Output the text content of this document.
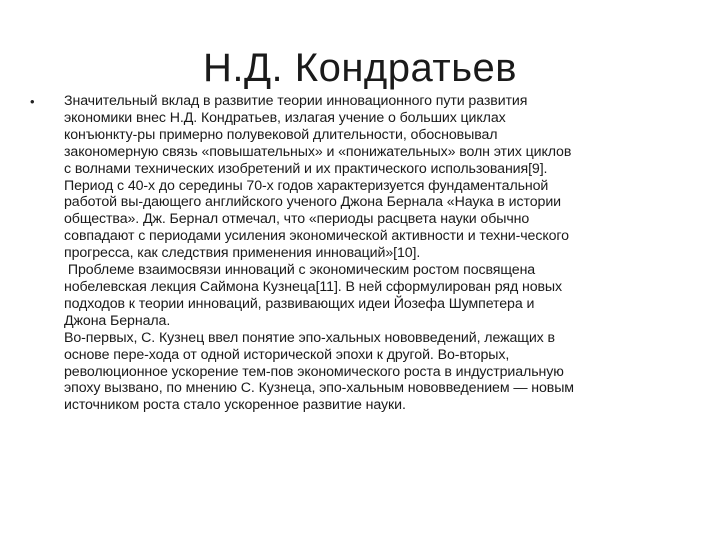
Н.Д. Кондратьев
• Значительный вклад в развитие теории инновационного пути развития
экономики внес Н.Д. Кондратьев, излагая учение о больших циклах
конъюнкту-ры примерно полувековой длительности, обосновывал
закономерную связь «повышательных» и «понижательных» волн этих циклов
с волнами технических изобретений и их практического использования[9].
Период с 40-х до середины 70-х годов характеризуется фундаментальной
работой вы-дающего английского ученого Джона Бернала «Наука в истории
общества». Дж. Бернал отмечал, что «периоды расцвета науки обычно
совпадают с периодами усиления экономической активности и техни-ческого
прогресса, как следствия применения инноваций»[10].
Проблеме взаимосвязи инноваций с экономическим ростом посвящена
нобелевская лекция Саймона Кузнеца[11]. В ней сформулирован ряд новых
подходов к теории инноваций, развивающих идеи Йозефа Шумпетера и
Джона Бернала.
Во-первых, С. Кузнец ввел понятие эпо-хальных нововведений, лежащих в
основе пере-хода от одной исторической эпохи к другой. Во-вторых,
революционное ускорение тем-пов экономического роста в индустриальную
эпоху вызвано, по мнению С. Кузнеца, эпо-хальным нововведением — новым
источником роста стало ускоренное развитие науки.
